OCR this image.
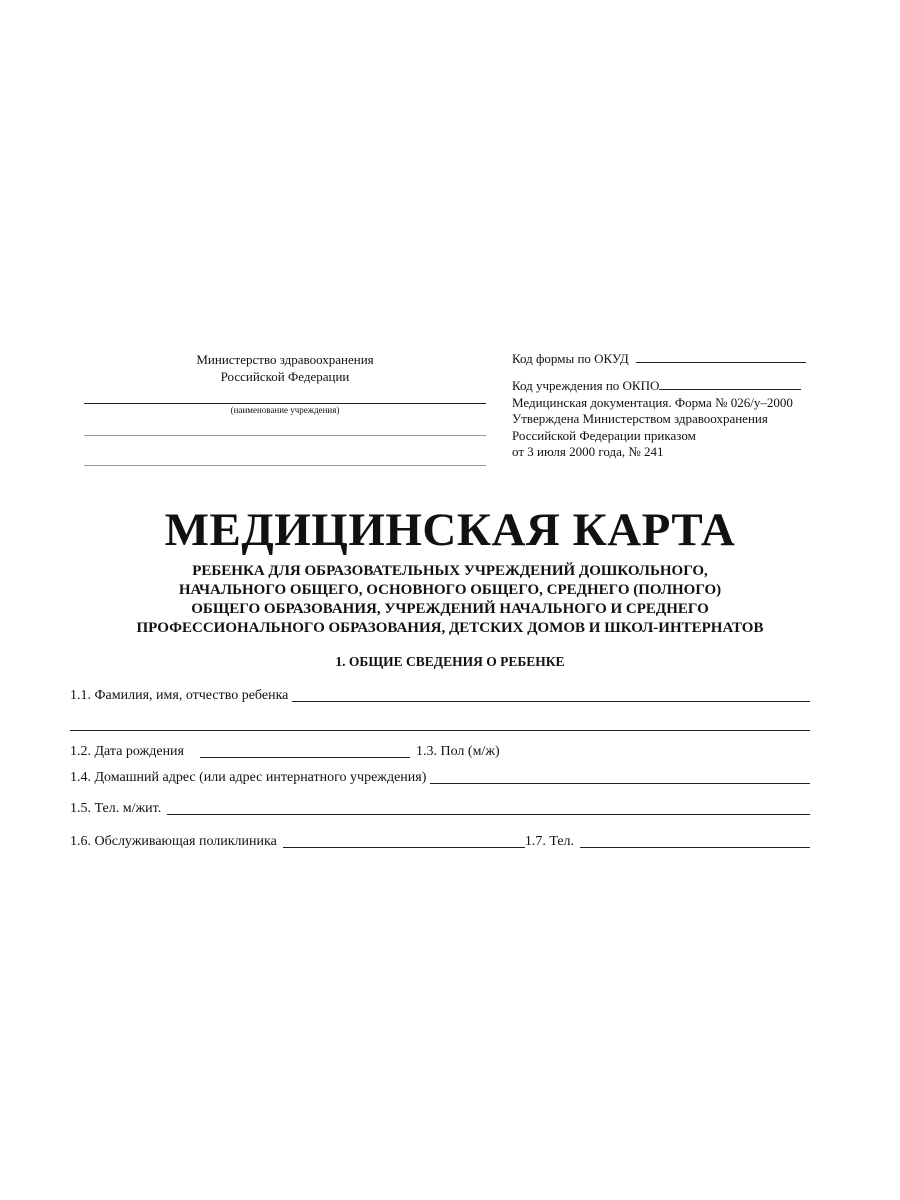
Министерство здравоохранения
Российской Федерации
(наименование учреждения)
Код формы по ОКУД
Код учреждения по ОКПО
Медицинская документация. Форма № 026/у–2000
Утверждена Министерством здравоохранения
Российской Федерации приказом
от 3 июля 2000 года, № 241
МЕДИЦИНСКАЯ КАРТА
РЕБЕНКА ДЛЯ ОБРАЗОВАТЕЛЬНЫХ УЧРЕЖДЕНИЙ ДОШКОЛЬНОГО,
НАЧАЛЬНОГО ОБЩЕГО, ОСНОВНОГО ОБЩЕГО, СРЕДНЕГО (ПОЛНОГО)
ОБЩЕГО ОБРАЗОВАНИЯ, УЧРЕЖДЕНИЙ НАЧАЛЬНОГО И СРЕДНЕГО
ПРОФЕССИОНАЛЬНОГО ОБРАЗОВАНИЯ, ДЕТСКИХ ДОМОВ И ШКОЛ-ИНТЕРНАТОВ
1. ОБЩИЕ СВЕДЕНИЯ О РЕБЕНКЕ
1.1. Фамилия, имя, отчество ребенка
1.2. Дата рождения	1.3. Пол (м/ж)
1.4. Домашний адрес (или адрес интернатного учреждения)
1.5. Тел. м/жит.
1.6. Обслуживающая поликлиника	1.7. Тел.
